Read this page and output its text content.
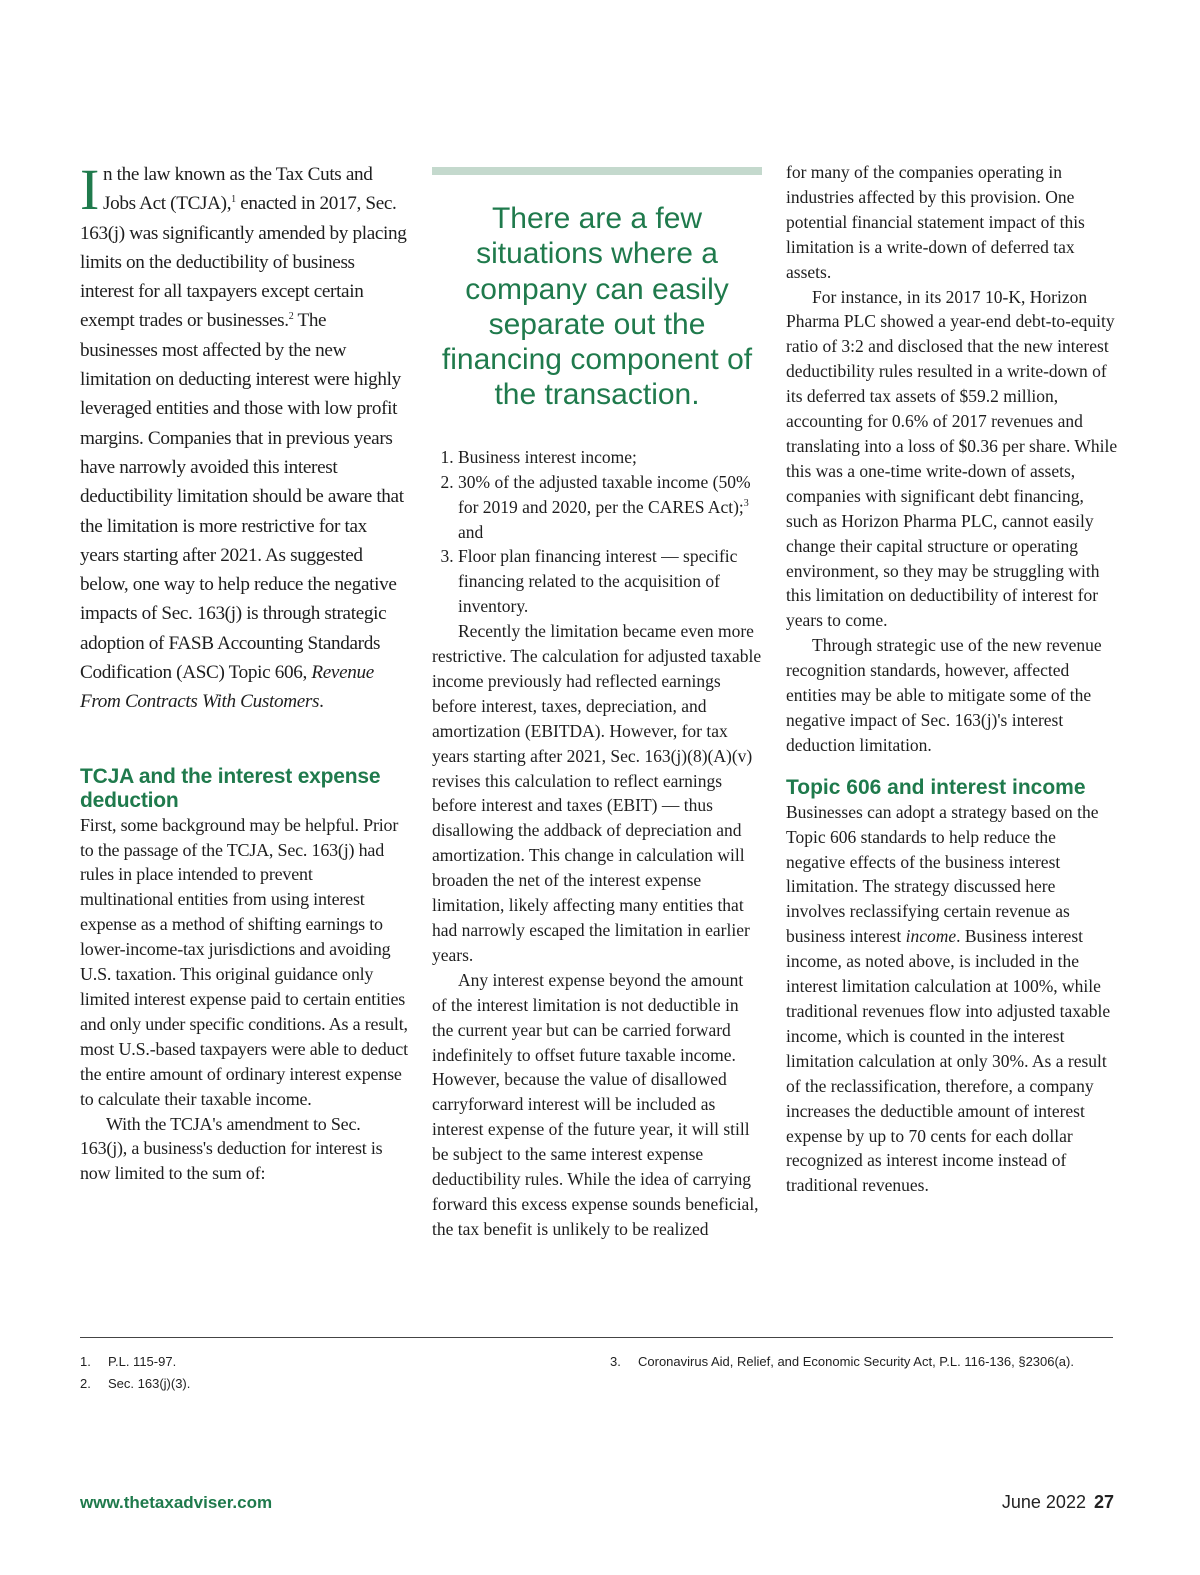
In the law known as the Tax Cuts and Jobs Act (TCJA),$^1$ enacted in 2017, Sec. 163(j) was significantly amended by placing limits on the deductibility of business interest for all taxpayers except certain exempt trades or businesses.$^2$ The businesses most affected by the new limitation on deducting interest were highly leveraged entities and those with low profit margins. Companies that in previous years have narrowly avoided this interest deductibility limitation should be aware that the limitation is more restrictive for tax years starting after 2021. As suggested below, one way to help reduce the negative impacts of Sec. 163(j) is through strategic adoption of FASB Accounting Standards Codification (ASC) Topic 606, Revenue From Contracts With Customers.

TCJA and the interest expense deduction

First, some background may be helpful. Prior to the passage of the TCJA, Sec. 163(j) had rules in place intended to prevent multinational entities from using interest expense as a method of shifting earnings to lower-income-tax jurisdictions and avoiding U.S. taxation. This original guidance only limited interest expense paid to certain entities and only under specific conditions. As a result, most U.S.-based taxpayers were able to deduct the entire amount of ordinary interest expense to calculate their taxable income.

With the TCJA's amendment to Sec. 163(j), a business's deduction for interest is now limited to the sum of:

There are a few situations where a company can easily separate out the financing component of the transaction.
1. Business interest income;
2. 30% of the adjusted taxable income (50% for 2019 and 2020, per the CARES Act);$^3$ and
3. Floor plan financing interest — specific financing related to the acquisition of inventory.

Recently the limitation became even more restrictive. The calculation for adjusted taxable income previously had reflected earnings before interest, taxes, depreciation, and amortization (EBITDA). However, for tax years starting after 2021, Sec. 163(j)(8)(A)(v) revises this calculation to reflect earnings before interest and taxes (EBIT) — thus disallowing the addback of depreciation and amortization. This change in calculation will broaden the net of the interest expense limitation, likely affecting many entities that had narrowly escaped the limitation in earlier years.

Any interest expense beyond the amount of the interest limitation is not deductible in the current year but can be carried forward indefinitely to offset future taxable income. However, because the value of disallowed carryforward interest will be included as interest expense of the future year, it will still be subject to the same interest expense deductibility rules. While the idea of carrying forward this excess expense sounds beneficial, the tax benefit is unlikely to be realized

for many of the companies operating in industries affected by this provision. One potential financial statement impact of this limitation is a write-down of deferred tax assets.

For instance, in its 2017 10-K, Horizon Pharma PLC showed a year-end debt-to-equity ratio of 3:2 and disclosed that the new interest deductibility rules resulted in a write-down of its deferred tax assets of $59.2 million, accounting for 0.6% of 2017 revenues and translating into a loss of $0.36 per share. While this was a one-time write-down of assets, companies with significant debt financing, such as Horizon Pharma PLC, cannot easily change their capital structure or operating environment, so they may be struggling with this limitation on deductibility of interest for years to come.

Through strategic use of the new revenue recognition standards, however, affected entities may be able to mitigate some of the negative impact of Sec. 163(j)'s interest deduction limitation.

Topic 606 and interest income

Businesses can adopt a strategy based on the Topic 606 standards to help reduce the negative effects of the business interest limitation. The strategy discussed here involves reclassifying certain revenue as business interest income. Business interest income, as noted above, is included in the interest limitation calculation at 100%, while traditional revenues flow into adjusted taxable income, which is counted in the interest limitation calculation at only 30%. As a result of the reclassification, therefore, a company increases the deductible amount of interest expense by up to 70 cents for each dollar recognized as interest income instead of traditional revenues.

1. P.L. 115-97.
2. Sec. 163(j)(3).
3. Coronavirus Aid, Relief, and Economic Security Act, P.L. 116-136, §2306(a).
www.thetaxadviser.com	June 2022 27
